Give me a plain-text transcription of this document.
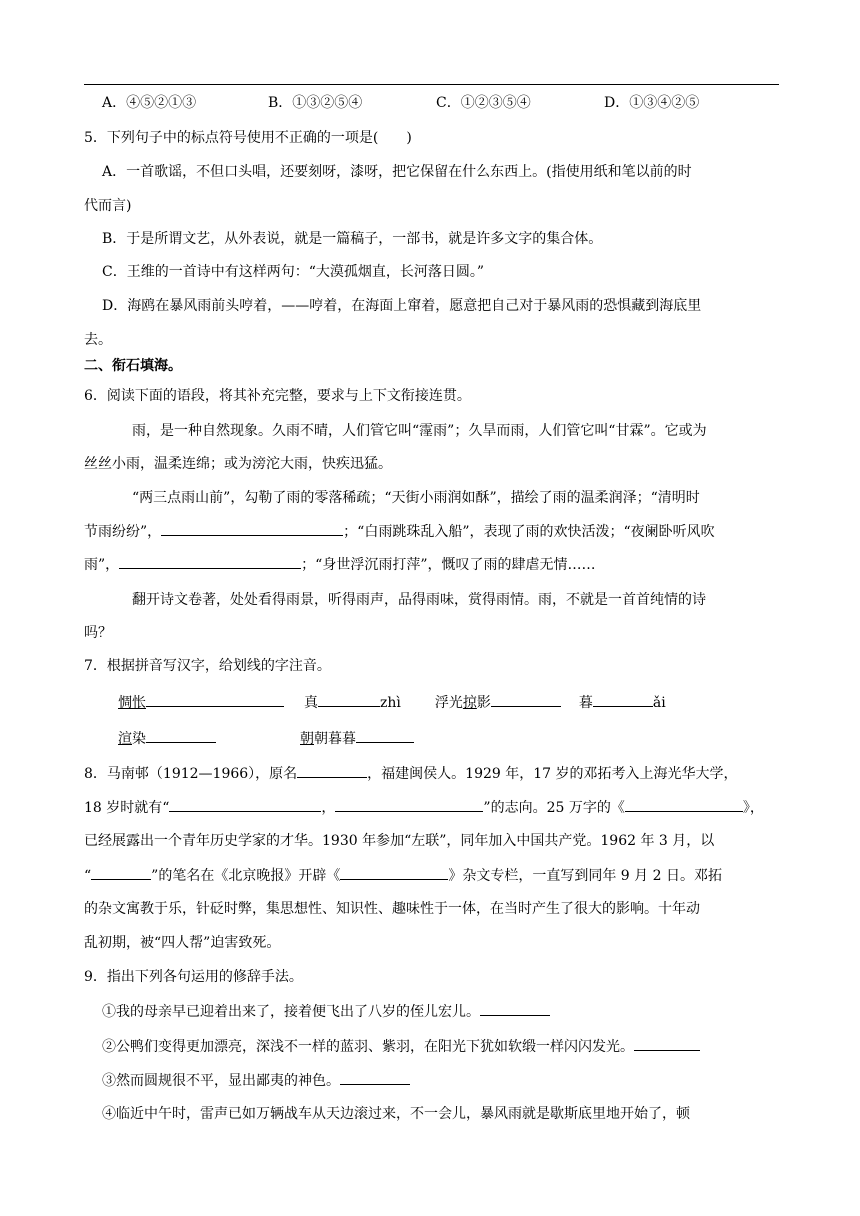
A．④⑤②①③	B．①③②⑤④	C．①②③⑤④	D．①③④②⑤
5．下列句子中的标点符号使用不正确的一项是(　　)
A．一首歌谣，不但口头唱，还要刻呀，漆呀，把它保留在什么东西上。(指使用纸和笔以前的时
代而言)
B．于是所谓文艺，从外表说，就是一篇稿子，一部书，就是许多文字的集合体。
C．王维的一首诗中有这样两句：“大漠孤烟直，长河落日圆。”
D．海鸥在暴风雨前头哼着，——哼着，在海面上窜着，愿意把自己对于暴风雨的恐惧藏到海底里
去。
二、衔石填海。
6．阅读下面的语段，将其补充完整，要求与上下文衔接连贯。
雨，是一种自然现象。久雨不晴，人们管它叫“霪雨”；久旱而雨，人们管它叫“甘霖”。它或为
丝丝小雨，温柔连绵；或为滂沱大雨，快疾迅猛。
“两三点雨山前”，勾勒了雨的零落稀疏；“天街小雨润如酥”，描绘了雨的温柔润泽；“清明时
节雨纷纷”，	；“白雨跳珠乱入船”，表现了雨的欢快活泼；“夜阑卧听风吹
雨”，	；“身世浮沉雨打萍”，慨叹了雨的肆虐无情……
翻开诗文卷著，处处看得雨景，听得雨声，品得雨味，赏得雨情。雨，不就是一首首纯情的诗
吗？
7．根据拼音写汉字，给划线的字注音。
惆怅	真	zhì 浮光掠影	暮	ǎi
渲染	朝朝暮暮
8．马南邨（1912—1966），原名	，福建闽侯人。1929 年，17 岁的邓拓考入上海光华大学，
18 岁时就有“	，	”的志向。25 万字的《	》，
已经展露出一个青年历史学家的才华。1930 年参加“左联”，同年加入中国共产党。1962 年 3 月，以
“	”的笔名在《北京晚报》开辟《	》杂文专栏，一直写到同年 9 月 2 日。邓拓
的杂文寓教于乐，针砭时弊，集思想性、知识性、趣味性于一体，在当时产生了很大的影响。十年动
乱初期，被“四人帮”迫害致死。
9．指出下列各句运用的修辞手法。
①我的母亲早已迎着出来了，接着便飞出了八岁的侄儿宏儿。
②公鸭们变得更加漂亮，深浅不一样的蓝羽、紫羽，在阳光下犹如软缎一样闪闪发光。
③然而圆规很不平，显出鄙夷的神色。
④临近中午时，雷声已如万辆战车从天边滚过来，不一会儿，暴风雨就是歇斯底里地开始了，顿
